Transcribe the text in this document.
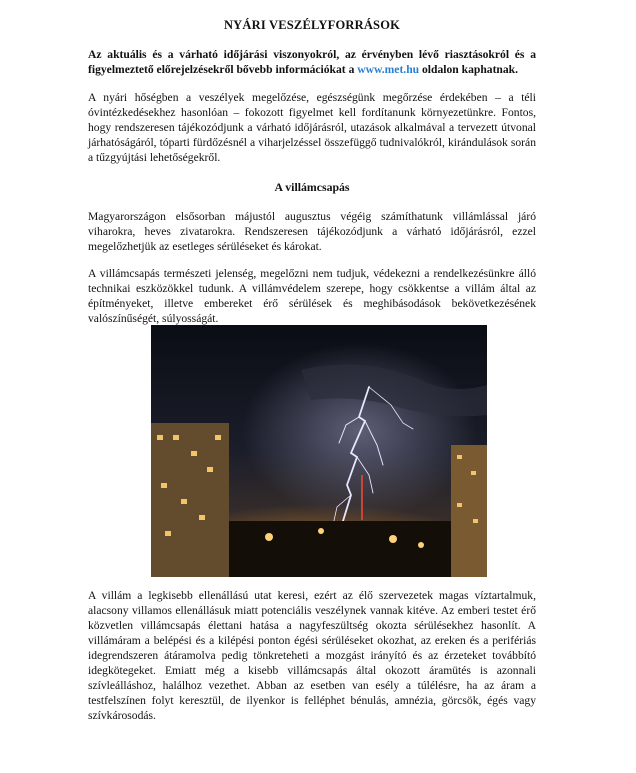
NYÁRI VESZÉLYFORRÁSOK

Az aktuális és a várható időjárási viszonyokról, az érvényben lévő riasztásokról és a figyelmeztető előrejelzésekről bővebb információkat a www.met.hu oldalon kaphatnak.

A nyári hőségben a veszélyek megelőzése, egészségünk megőrzése érdekében – a téli óvintézkedésekhez hasonlóan – fokozott figyelmet kell fordítanunk környezetünkre. Fontos, hogy rendszeresen tájékozódjunk a várható időjárásról, utazások alkalmával a tervezett útvonal járhatóságáról, tóparti fürdőzésnél a viharjelzéssel összefüggő tudnivalókról, kirándulások során a tűzgyújtási lehetőségekről.

A villámcsapás

Magyarországon elsősorban májustól augusztus végéig számíthatunk villámlással járó viharokra, heves zivatarokra. Rendszeresen tájékozódjunk a várható időjárásról, ezzel megelőzhetjük az esetleges sérüléseket és károkat.

A villámcsapás természeti jelenség, megelőzni nem tudjuk, védekezni a rendelkezésünkre álló technikai eszközökkel tudunk. A villámvédelem szerepe, hogy csökkentse a villám által az építményeket, illetve embereket érő sérülések és meghibásodások bekövetkezésének valószínűségét, súlyosságát.

A villám a legkisebb ellenállású utat keresi, ezért az élő szervezetek magas víztartalmuk, alacsony villamos ellenállásuk miatt potenciális veszélynek vannak kitéve. Az emberi testet érő közvetlen villámcsapás élettani hatása a nagyfeszültség okozta sérülésekhez hasonlít. A villámáram a belépési és a kilépési ponton égési sérüléseket okozhat, az ereken és a perifériás idegrendszeren átáramolva pedig tönkreteheti a mozgást irányító és az érzeteket továbbító idegkötegeket. Emiatt még a kisebb villámcsapás által okozott áramütés is azonnali szívleálláshoz, halálhoz vezethet. Abban az esetben van esély a túlélésre, ha az áram a testfelszínen folyt keresztül, de ilyenkor is felléphet bénulás, amnézia, görcsök, égés vagy szívkárosodás.
